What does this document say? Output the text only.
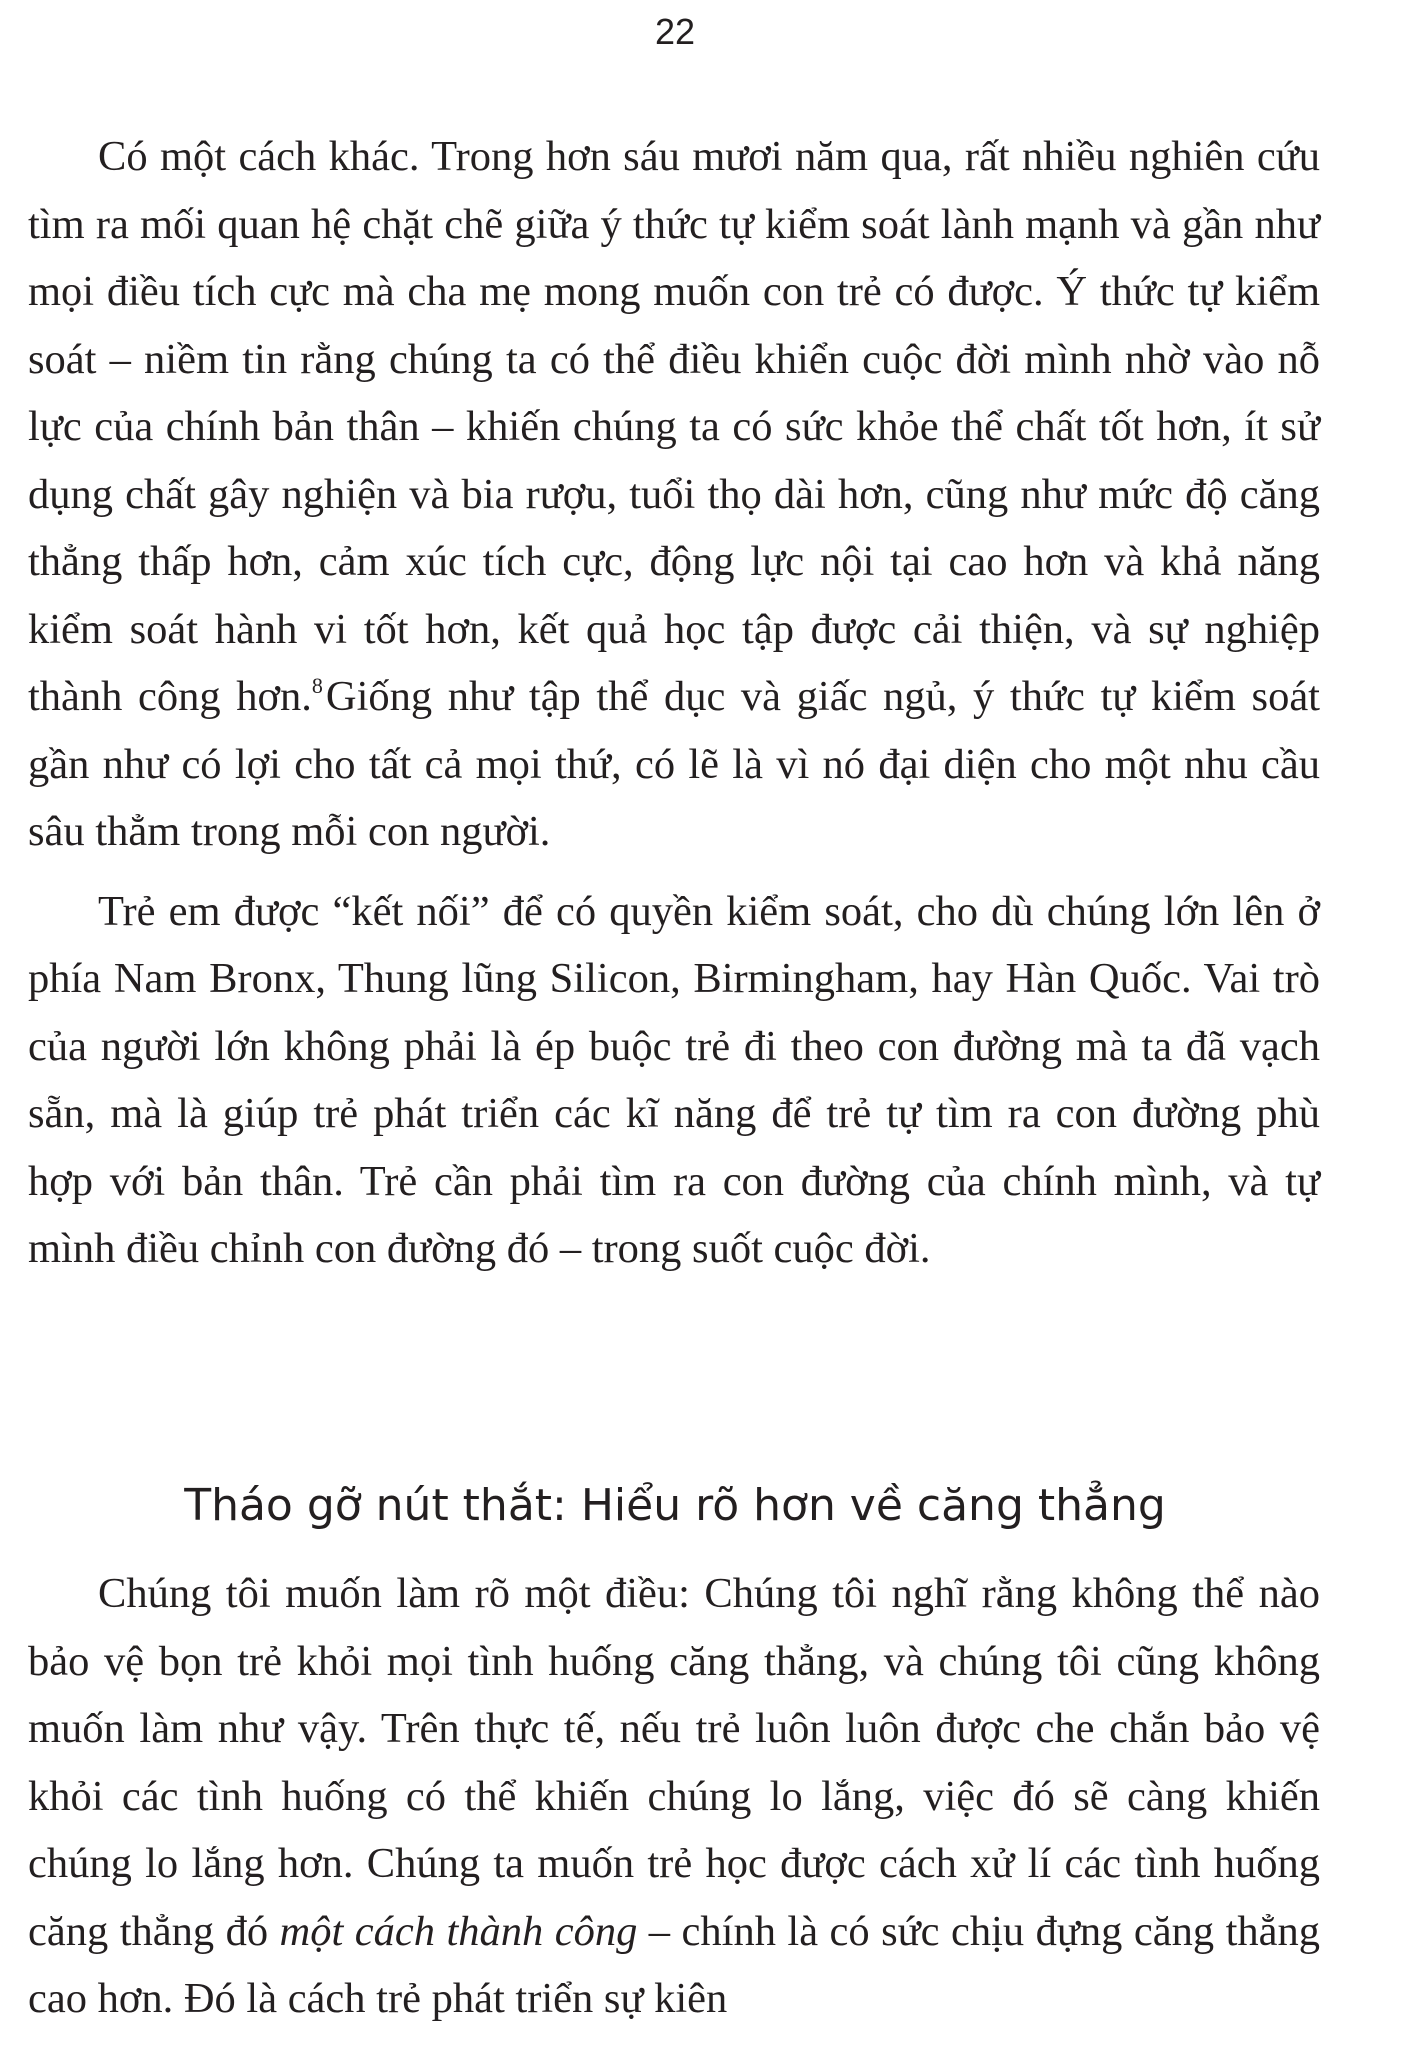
22

Có một cách khác. Trong hơn sáu mươi năm qua, rất nhiều nghiên cứu tìm ra mối quan hệ chặt chẽ giữa ý thức tự kiểm soát lành mạnh và gần như mọi điều tích cực mà cha mẹ mong muốn con trẻ có được. Ý thức tự kiểm soát – niềm tin rằng chúng ta có thể điều khiển cuộc đời mình nhờ vào nỗ lực của chính bản thân – khiến chúng ta có sức khỏe thể chất tốt hơn, ít sử dụng chất gây nghiện và bia rượu, tuổi thọ dài hơn, cũng như mức độ căng thẳng thấp hơn, cảm xúc tích cực, động lực nội tại cao hơn và khả năng kiểm soát hành vi tốt hơn, kết quả học tập được cải thiện, và sự nghiệp thành công hơn.$^8$Giống như tập thể dục và giấc ngủ, ý thức tự kiểm soát gần như có lợi cho tất cả mọi thứ, có lẽ là vì nó đại diện cho một nhu cầu sâu thẳm trong mỗi con người.

Trẻ em được “kết nối” để có quyền kiểm soát, cho dù chúng lớn lên ở phía Nam Bronx, Thung lũng Silicon, Birmingham, hay Hàn Quốc. Vai trò của người lớn không phải là ép buộc trẻ đi theo con đường mà ta đã vạch sẵn, mà là giúp trẻ phát triển các kĩ năng để trẻ tự tìm ra con đường phù hợp với bản thân. Trẻ cần phải tìm ra con đường của chính mình, và tự mình điều chỉnh con đường đó – trong suốt cuộc đời.

Tháo gỡ nút thắt: Hiểu rõ hơn về căng thẳng

Chúng tôi muốn làm rõ một điều: Chúng tôi nghĩ rằng không thể nào bảo vệ bọn trẻ khỏi mọi tình huống căng thẳng, và chúng tôi cũng không muốn làm như vậy. Trên thực tế, nếu trẻ luôn luôn được che chắn bảo vệ khỏi các tình huống có thể khiến chúng lo lắng, việc đó sẽ càng khiến chúng lo lắng hơn. Chúng ta muốn trẻ học được cách xử lí các tình huống căng thẳng đó một cách thành công – chính là có sức chịu đựng căng thẳng cao hơn. Đó là cách trẻ phát triển sự kiên
